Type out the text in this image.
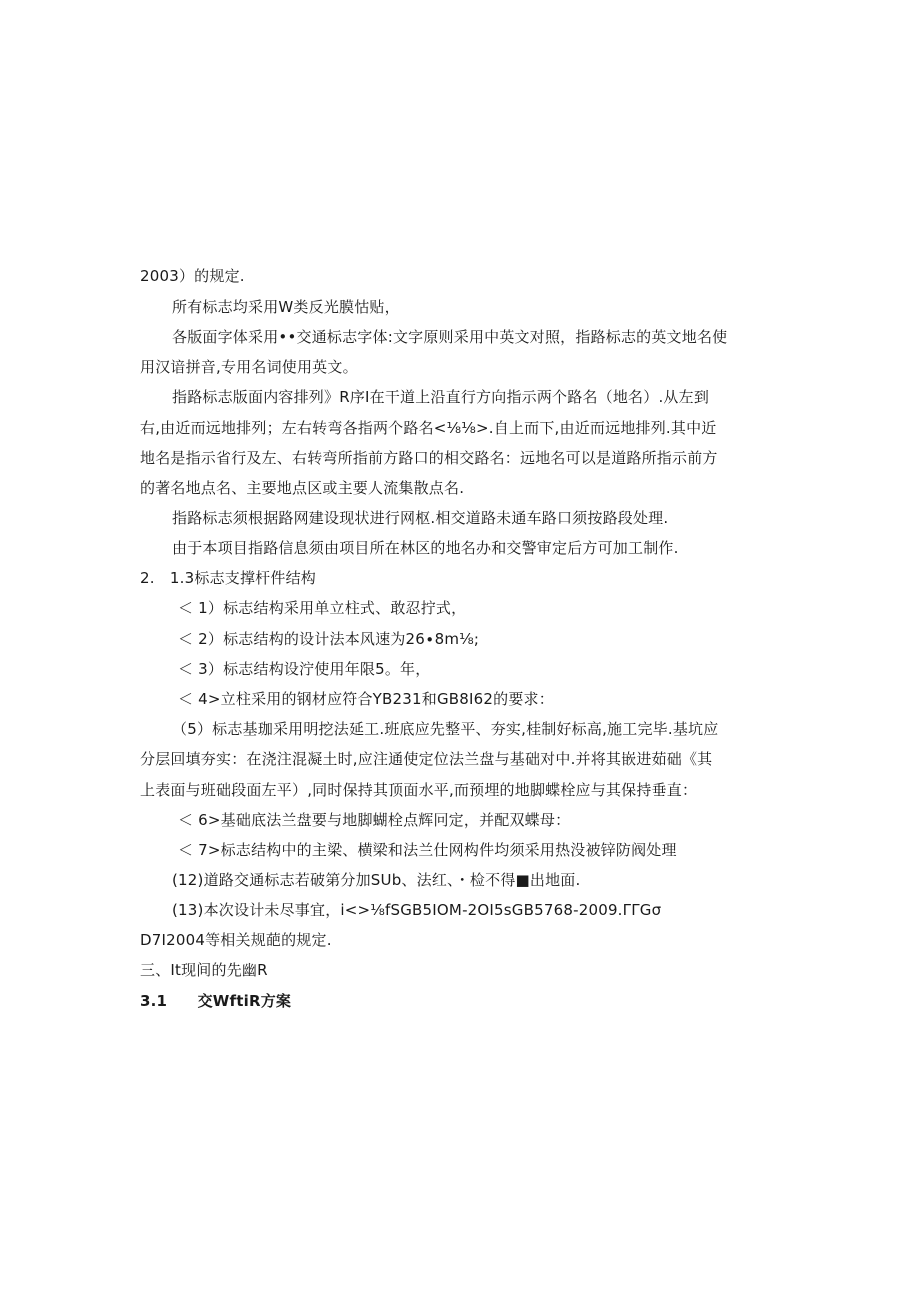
2003）的规定.
所有标志均采用W类反光膜怙贴，
各版面字体采用••交通标志字体:文字原则采用中英文对照，指路标志的英文地名使
用汉谙拼音,专用名词使用英文。
指路标志版面内容排列》R序I在干道上沿直行方向指示两个路名（地名）.从左到
右,由近而远地排列；左右转弯各指两个路名<⅛⅛>.自上而下,由近而远地排列.其中近
地名是指示省行及左、右转弯所指前方路口的相交路名：远地名可以是道路所指示前方
的著名地点名、主要地点区或主要人流集散点名.
指路标志须根据路网建设现状进行网枢.相交道路未通车路口须按路段处理.
由于本项目指路信息须由项目所在林区的地名办和交警审定后方可加工制作.
2.　1.3标志支撑杆件结构
＜ 1）标志结构采用单立柱式、敢忍拧式，
＜ 2）标志结构的设计法本风速为26∙8m⅛;
＜ 3）标志结构设泞使用年限5。年，
＜ 4>立柱采用的钢材应符合YB231和GB8I62的要求：
（5）标志基珈采用明挖法延工.班底应先整平、夯实,桂制好标高,施工完毕.基坑应
分层回填夯实：在浇注混凝土时,应注通使定位法兰盘与基础对中.并将其嵌进茹础《其
上表面与班础段面左平）,同时保持其顶面水平,而预埋的地脚蝶栓应与其保持垂直：
＜ 6>基础底法兰盘要与地脚蝴栓点辉冋定，并配双蝶母：
＜ 7>标志结构中的主梁、横梁和法兰仕网构件均须采用热没被锌防阀处理
(12)道路交通标志若破第分加SUb、法红、・检不得■出地面.
(13)本次设计未尽事宜，i<>⅛fSGB5IOM-2OI5sGB5768-2009.ΓΓGσ
D7I2004等相关规葩的规定.
三、It现间的先幽R
3.1　　交WftiR方案
